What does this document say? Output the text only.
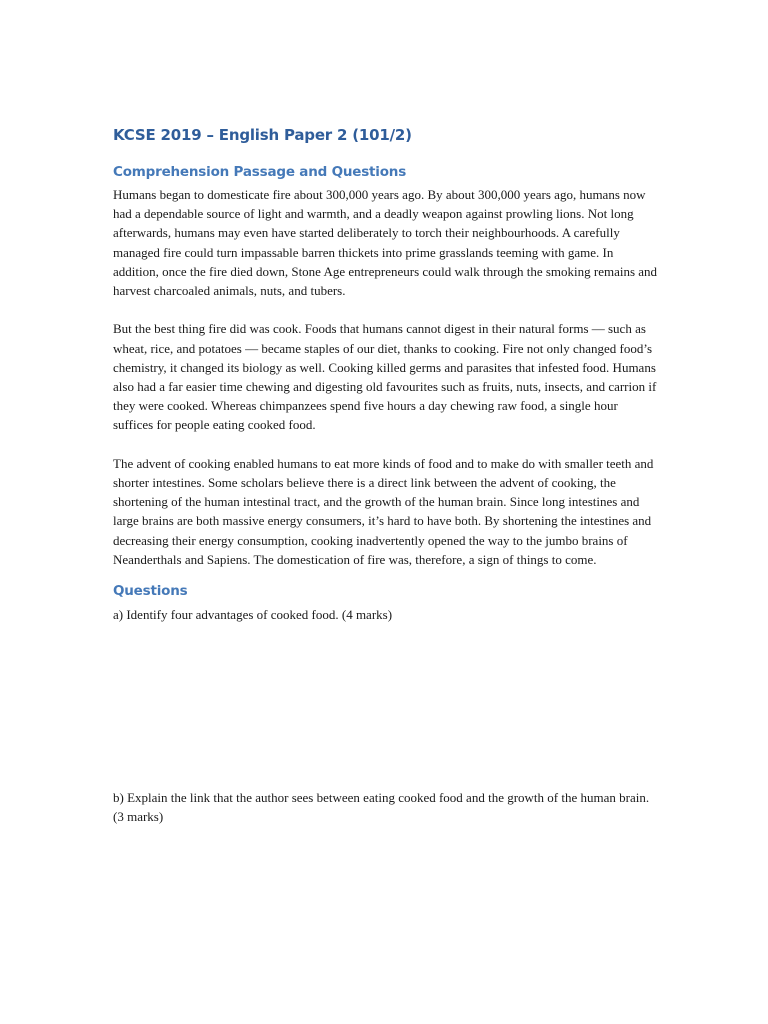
KCSE 2019 – English Paper 2 (101/2)
Comprehension Passage and Questions

Humans began to domesticate fire about 300,000 years ago. By about 300,000 years ago, humans now had a dependable source of light and warmth, and a deadly weapon against prowling lions. Not long afterwards, humans may even have started deliberately to torch their neighbourhoods. A carefully managed fire could turn impassable barren thickets into prime grasslands teeming with game. In addition, once the fire died down, Stone Age entrepreneurs could walk through the smoking remains and harvest charcoaled animals, nuts, and tubers.

But the best thing fire did was cook. Foods that humans cannot digest in their natural forms — such as wheat, rice, and potatoes — became staples of our diet, thanks to cooking. Fire not only changed food’s chemistry, it changed its biology as well. Cooking killed germs and parasites that infested food. Humans also had a far easier time chewing and digesting old favourites such as fruits, nuts, insects, and carrion if they were cooked. Whereas chimpanzees spend five hours a day chewing raw food, a single hour suffices for people eating cooked food.

The advent of cooking enabled humans to eat more kinds of food and to make do with smaller teeth and shorter intestines. Some scholars believe there is a direct link between the advent of cooking, the shortening of the human intestinal tract, and the growth of the human brain. Since long intestines and large brains are both massive energy consumers, it’s hard to have both. By shortening the intestines and decreasing their energy consumption, cooking inadvertently opened the way to the jumbo brains of Neanderthals and Sapiens. The domestication of fire was, therefore, a sign of things to come.

Questions

a) Identify four advantages of cooked food. (4 marks)

b) Explain the link that the author sees between eating cooked food and the growth of the human brain. (3 marks)
